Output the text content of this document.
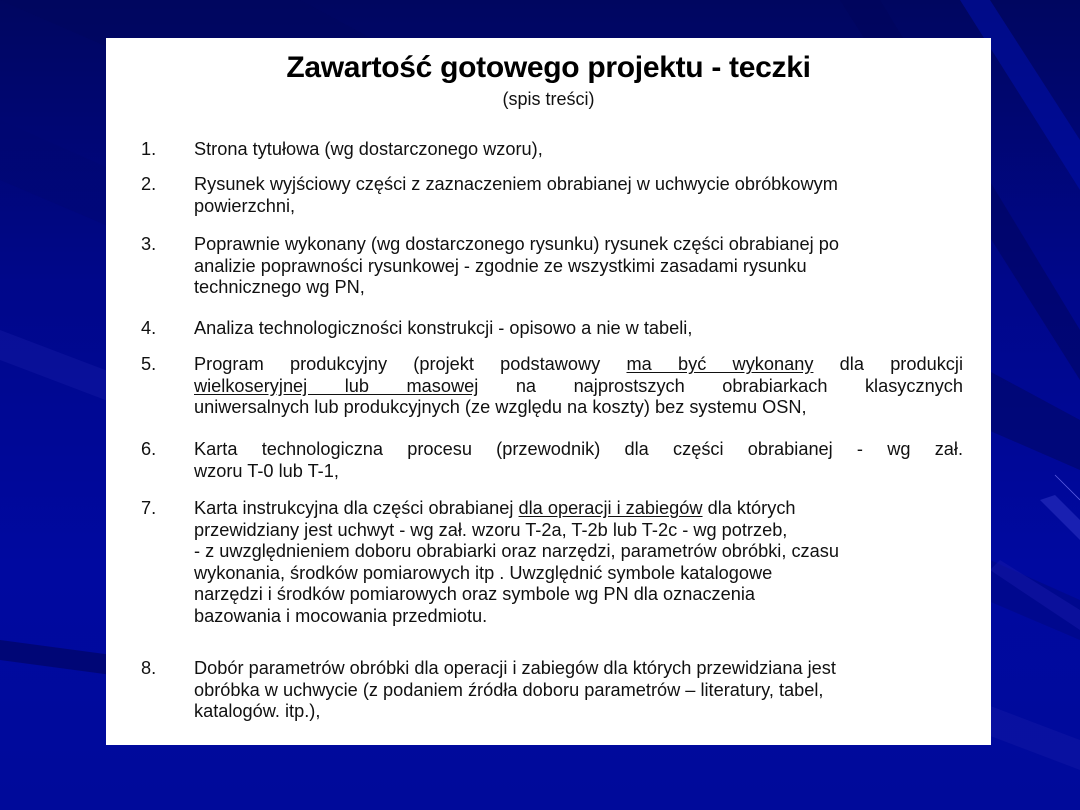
Zawartość gotowego projektu - teczki
(spis treści)
1.	Strona tytułowa (wg dostarczonego wzoru),
2.	Rysunek wyjściowy części z zaznaczeniem obrabianej w uchwycie obróbkowym
powierzchni,
3.	Poprawnie wykonany (wg dostarczonego rysunku) rysunek części obrabianej po
analizie poprawności rysunkowej - zgodnie ze wszystkimi zasadami rysunku
technicznego wg PN,
4.	Analiza technologiczności konstrukcji - opisowo a nie w tabeli,
5.	Program produkcyjny (projekt podstawowy ma być wykonany dla produkcji
wielkoseryjnej lub masowej na najprostszych obrabiarkach klasycznych
uniwersalnych lub produkcyjnych (ze względu na koszty) bez systemu OSN,
6.	Karta technologiczna procesu (przewodnik) dla części obrabianej - wg zał.
wzoru T-0 lub T-1,
7.	Karta instrukcyjna dla części obrabianej dla operacji i zabiegów dla których
przewidziany jest uchwyt - wg zał. wzoru T-2a, T-2b lub T-2c - wg potrzeb,
- z uwzględnieniem doboru obrabiarki oraz narzędzi, parametrów obróbki, czasu
wykonania, środków pomiarowych itp . Uwzględnić symbole katalogowe
narzędzi i środków pomiarowych oraz symbole wg PN dla oznaczenia
bazowania i mocowania przedmiotu.
8.	Dobór parametrów obróbki dla operacji i zabiegów dla których przewidziana jest
obróbka w uchwycie (z podaniem źródła doboru parametrów – literatury, tabel,
katalogów. itp.),
